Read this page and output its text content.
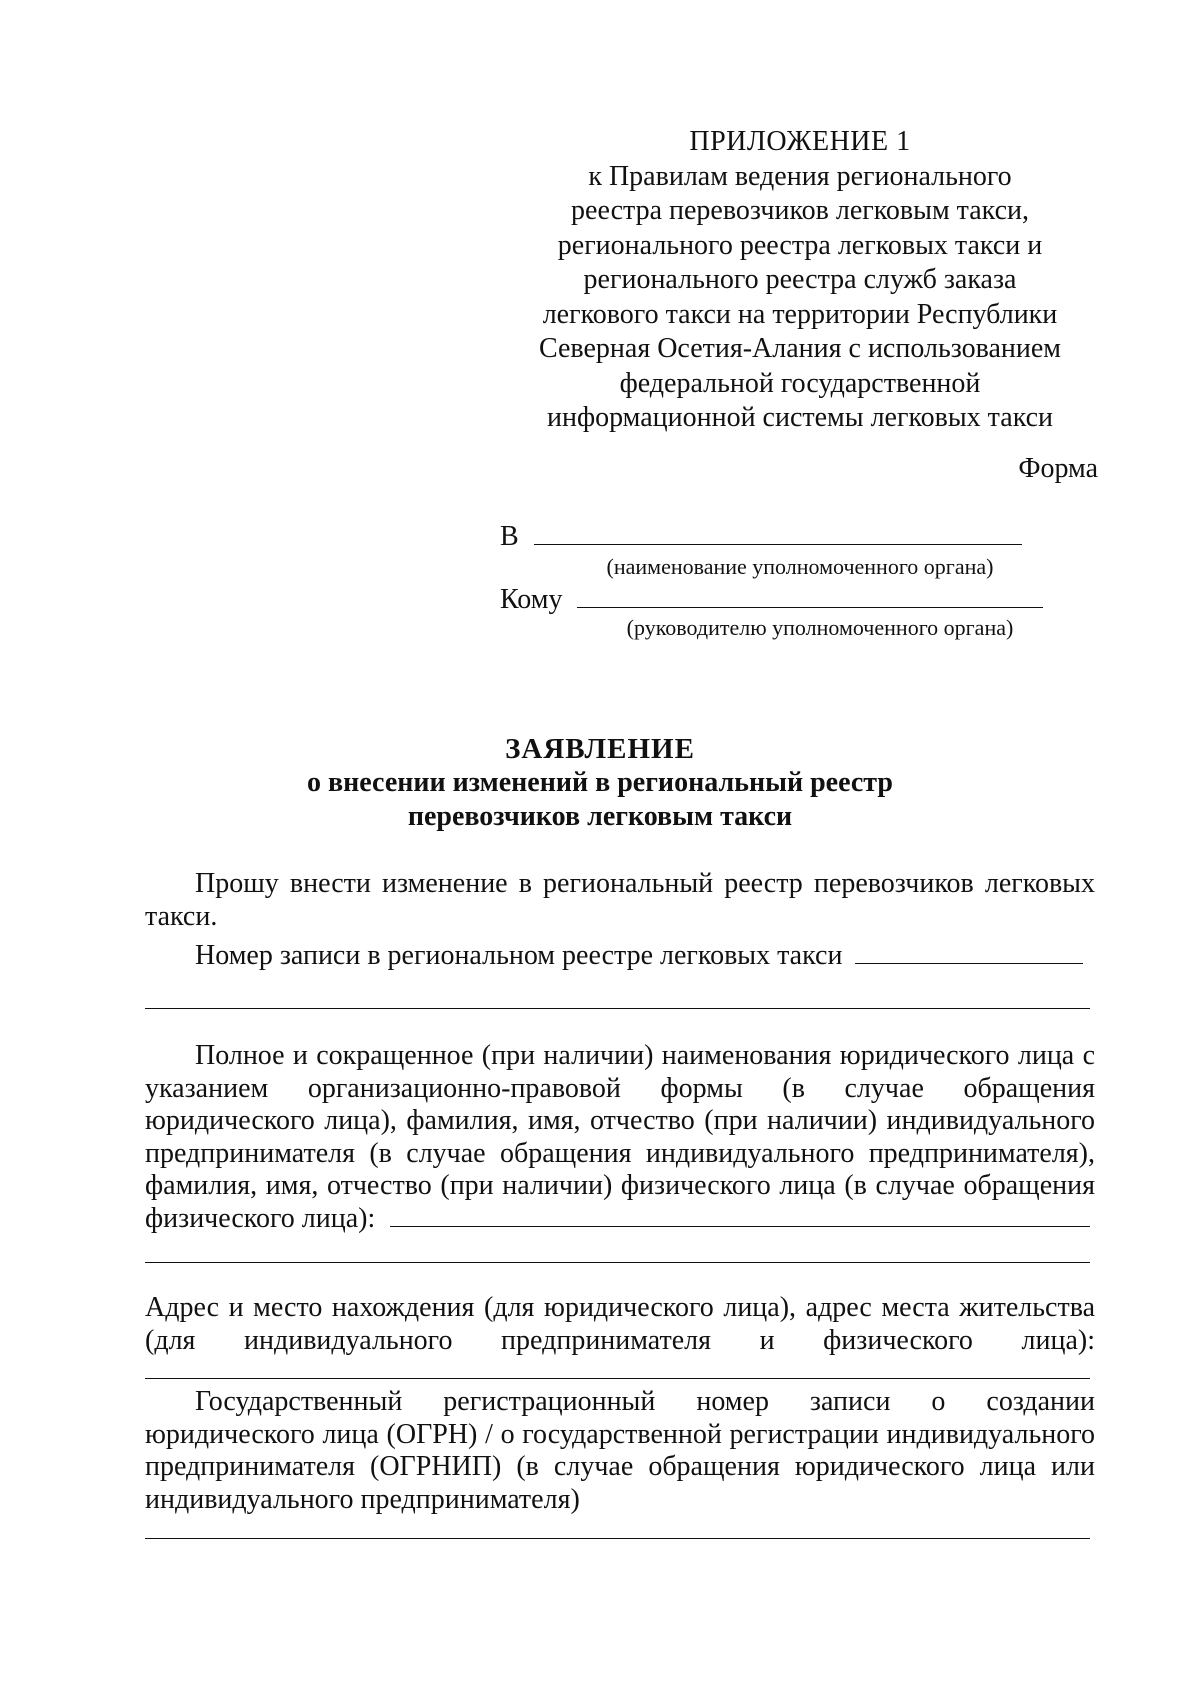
ПРИЛОЖЕНИЕ 1
к Правилам ведения регионального
реестра перевозчиков легковым такси,
регионального реестра легковых такси и
регионального реестра служб заказа
легкового такси на территории Республики
Северная Осетия-Алания с использованием
федеральной государственной
информационной системы легковых такси
Форма
В
(наименование уполномоченного органа)
Кому
(руководителю уполномоченного органа)
ЗАЯВЛЕНИЕ
о внесении изменений в региональный реестр
перевозчиков легковым такси
Прошу внести изменение в региональный реестр перевозчиков легковых такси.
Номер записи в региональном реестре легковых такси
Полное и сокращенное (при наличии) наименования юридического лица с указанием организационно-правовой формы (в случае обращения юридического лица), фамилия, имя, отчество (при наличии) индивидуального предпринимателя (в случае обращения индивидуального предпринимателя), фамилия, имя, отчество (при наличии) физического лица (в случае обращения физического лица):
Адрес и место нахождения (для юридического лица), адрес места жительства (для индивидуального предпринимателя и физического лица):
Государственный регистрационный номер записи о создании юридического лица (ОГРН) / о государственной регистрации индивидуального предпринимателя (ОГРНИП) (в случае обращения юридического лица или индивидуального предпринимателя)
